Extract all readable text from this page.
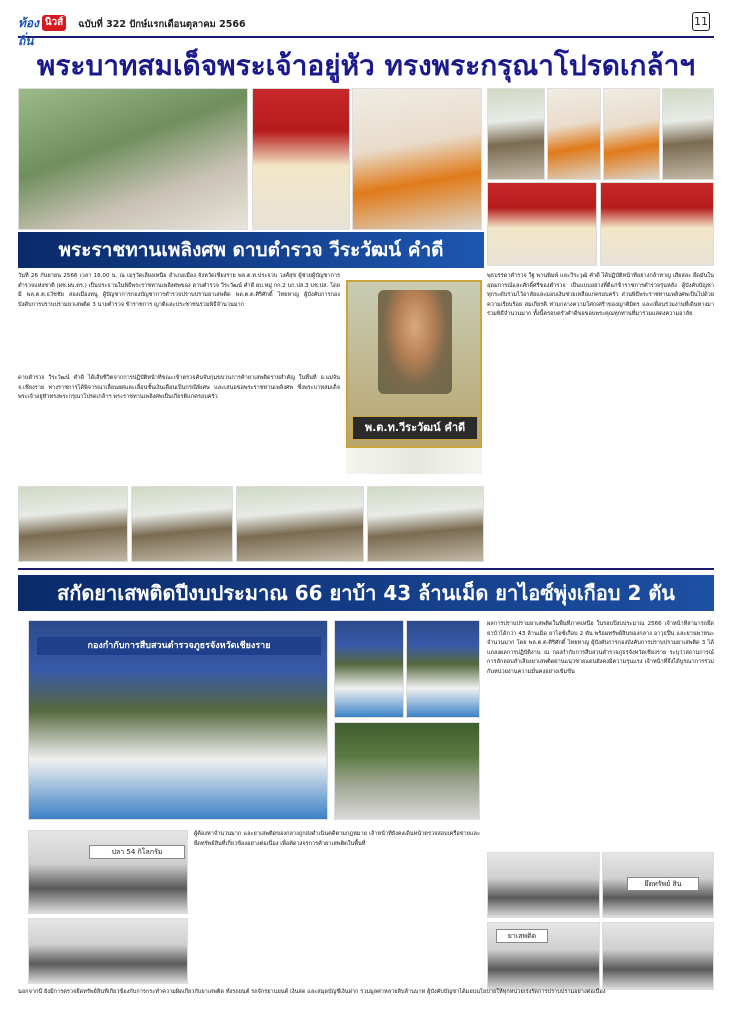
ท้องถิ่น
นิวส์ ฉบับที่ 322 ปักษ์แรกเดือนตุลาคม 2566	11
พระบาทสมเด็จพระเจ้าอยู่หัว ทรงพระกรุณาโปรดเกล้าฯ
พระราชทานเพลิงศพ ดาบตำรวจ วีระวัฒน์ คำดี
วันที่ 26 กันยายน 2566 เวลา 16.00 น. ณ เมรุวัดเลียงเหนือ อำเภอเมือง จังหวัดเชียงราย พล.ต.ท.ประจวบ วงศ์สุข ผู้ช่วยผู้บัญชาการตำรวจแห่งชาติ (ผช.ผบ.ตร.) เป็นประธานในพิธีพระราชทานเพลิงศพของ ดาบตำรวจ วีระวัฒน์ คำดี ผบ.หมู่ กก.2 บก.ปส.3 บช.ปส. โดยมี พล.ต.ต.ธวัชชัย สองเมืองหนู ผู้บัญชาการกองบัญชาการตำรวจปราบปรามยาเสพติด พล.ต.ต.ศิริศักดิ์ ไทยหาญ ผู้บังคับการกองบังคับการปราบปรามยาเสพติด 3 นายตำรวจ ข้าราชการ ญาติและประชาชนร่วมพิธีจำนวนมาก
ดาบตำรวจ วีระวัฒน์ คำดี ได้เสียชีวิตจากการปฏิบัติหน้าที่ขณะเข้าตรวจค้นจับกุมขบวนการค้ายาเสพติดรายสำคัญ ในพื้นที่ อ.แม่จัน จ.เชียงราย ทางราชการได้พิจารณาเลื่อนยศและเลื่อนชั้นเงินเดือนเป็นกรณีพิเศษ และเสนอขอพระราชทานเพลิงศพ ซึ่งพระบาทสมเด็จพระเจ้าอยู่หัวทรงพระกรุณาโปรดเกล้าฯ พระราชทานเพลิงศพเป็นเกียรติแก่ครอบครัว
พ.ต.ท.วีระวัฒน์ คำดี
พุธบรรดาตำรวจ วีฐ พานพิมพ์ และวีระวุฒิ คำดี ได้ปฏิบัติหน้าที่อย่างกล้าหาญ เสียสละ ยึดมั่นในอุดมการณ์และศักดิ์ศรีของตำรวจ เป็นแบบอย่างที่ดีแก่ข้าราชการตำรวจรุ่นหลัง ผู้บังคับบัญชาทุกระดับร่วมไว้อาลัยและมอบเงินช่วยเหลือแก่ครอบครัว ส่วนพิธีพระราชทานเพลิงศพเป็นไปด้วยความเรียบร้อย สมเกียรติ ท่ามกลางความโศกเศร้าของญาติมิตร และเพื่อนร่วมงานที่เดินทางมาร่วมพิธีจำนวนมาก ทั้งนี้ครอบครัวคำดีขอขอบพระคุณทุกท่านที่มาร่วมแสดงความอาลัย
สกัดยาเสพติดปีงบประมาณ 66 ยาบ้า 43 ล้านเม็ด ยาไอซ์พุ่งเกือบ 2 ตัน
กองกำกับการสืบสวนตำรวจภูธรจังหวัดเชียงราย
ผลการปราบปรามยาเสพติดในพื้นที่ภาคเหนือ ในรอบปีงบประมาณ 2566 เจ้าหน้าที่สามารถยึดยาบ้าได้กว่า 43 ล้านเม็ด ยาไอซ์เกือบ 2 ตัน พร้อมทรัพย์สินของกลาง อาวุธปืน และยานพาหนะจำนวนมาก โดย พล.ต.ต.ศิริศักดิ์ ไทยหาญ ผู้บังคับการกองบังคับการปราบปรามยาเสพติด 3 ได้แถลงผลการปฏิบัติงาน ณ กองกำกับการสืบสวนตำรวจภูธรจังหวัดเชียงราย ระบุว่าสถานการณ์การลักลอบลำเลียงยาเสพติดผ่านแนวชายแดนยังคงมีความรุนแรง เจ้าหน้าที่จึงได้บูรณาการร่วมกับหน่วยงานความมั่นคงอย่างเข้มข้น
ปลา 54 กิโลกรัม
ผู้ต้องหาจำนวนมาก และยาเสพติดของกลางถูกส่งดำเนินคดีตามกฎหมาย เจ้าหน้าที่ยังคงเดินหน้าตรวจสอบเครือข่ายและยึดทรัพย์สินที่เกี่ยวข้องอย่างต่อเนื่อง เพื่อตัดวงจรการค้ายาเสพติดในพื้นที่
ยึดทรัพย์ สิน
ยาเสพติด
นอกจากนี้ ยังมีการตรวจยึดทรัพย์สินที่เกี่ยวข้องกับการกระทำความผิดเกี่ยวกับยาเสพติด ทั้งรถยนต์ รถจักรยานยนต์ เงินสด และสมุดบัญชีเงินฝาก รวมมูลค่าหลายสิบล้านบาท ผู้บังคับบัญชาได้มอบนโยบายให้ทุกหน่วยเร่งรัดการปราบปรามอย่างต่อเนื่อง
